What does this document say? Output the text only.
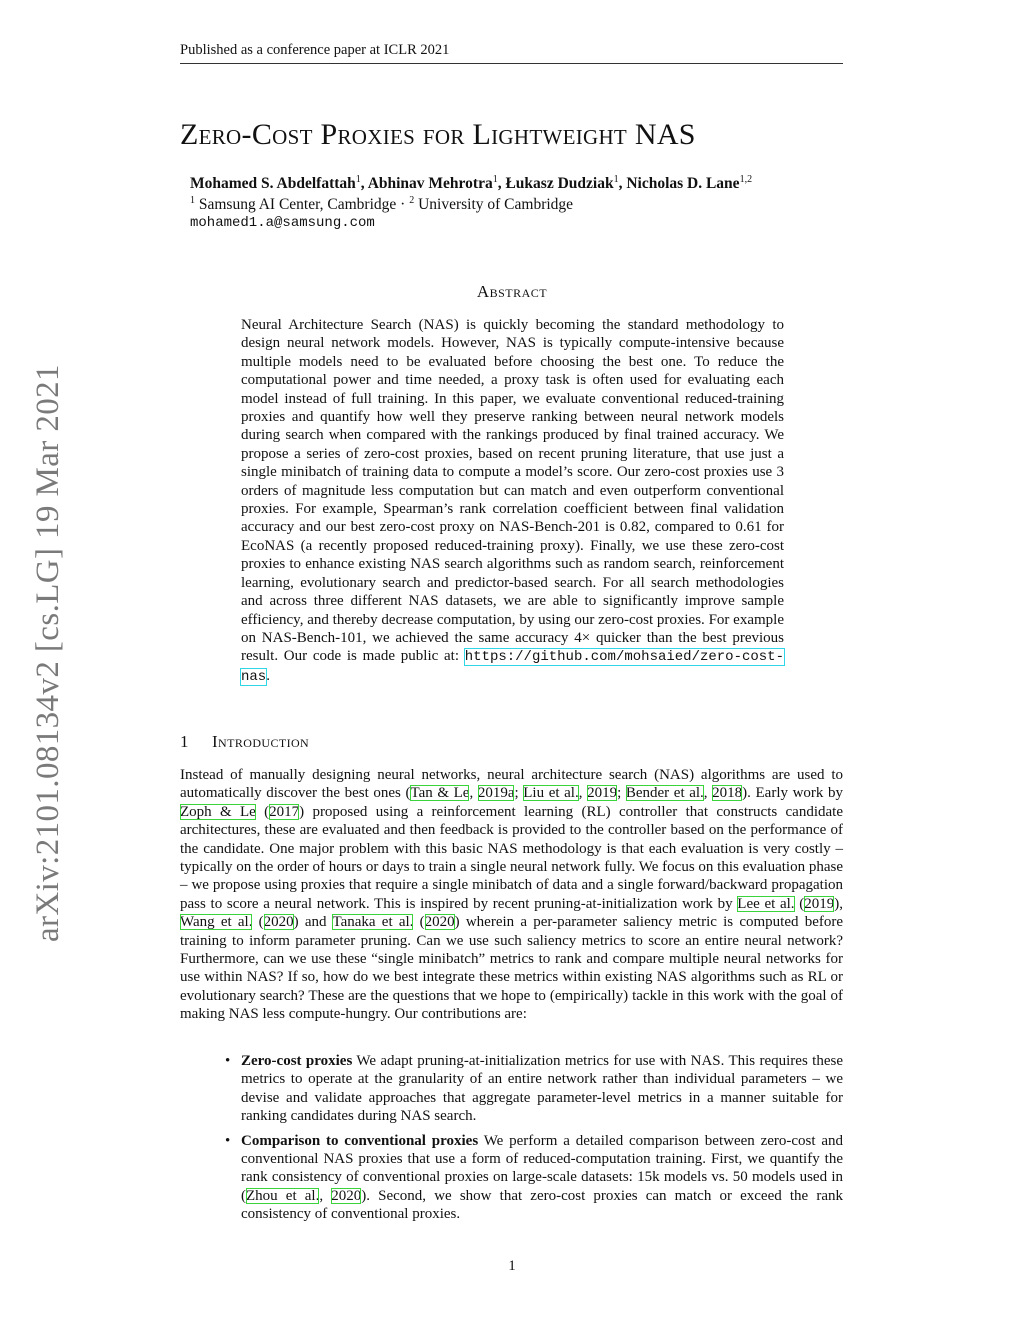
Published as a conference paper at ICLR 2021
arXiv:2101.08134v2 [cs.LG] 19 Mar 2021
Zero-Cost Proxies for Lightweight NAS
Mohamed S. Abdelfattah$^1$, Abhinav Mehrotra$^1$, Łukasz Dudziak$^1$, Nicholas D. Lane$^{1,2}$
$^1$ Samsung AI Center, Cambridge · $^2$ University of Cambridge
mohamed1.a@samsung.com
Abstract
Neural Architecture Search (NAS) is quickly becoming the standard methodology to design neural network models. However, NAS is typically compute-intensive because multiple models need to be evaluated before choosing the best one. To reduce the computational power and time needed, a proxy task is often used for evaluating each model instead of full training. In this paper, we evaluate conventional reduced-training proxies and quantify how well they preserve ranking between neural network models during search when compared with the rankings produced by final trained accuracy. We propose a series of zero-cost proxies, based on recent pruning literature, that use just a single minibatch of training data to compute a model’s score. Our zero-cost proxies use 3 orders of magnitude less computation but can match and even outperform conventional proxies. For example, Spearman’s rank correlation coefficient between final validation accuracy and our best zero-cost proxy on NAS-Bench-201 is 0.82, compared to 0.61 for EcoNAS (a recently proposed reduced-training proxy). Finally, we use these zero-cost proxies to enhance existing NAS search algorithms such as random search, reinforcement learning, evolutionary search and predictor-based search. For all search methodologies and across three different NAS datasets, we are able to significantly improve sample efficiency, and thereby decrease computation, by using our zero-cost proxies. For example on NAS-Bench-101, we achieved the same accuracy 4× quicker than the best previous result. Our code is made public at: https://github.com/mohsaied/zero-cost-nas.
1 Introduction

Instead of manually designing neural networks, neural architecture search (NAS) algorithms are used to automatically discover the best ones (Tan & Le, 2019a; Liu et al., 2019; Bender et al., 2018). Early work by Zoph & Le (2017) proposed using a reinforcement learning (RL) controller that constructs candidate architectures, these are evaluated and then feedback is provided to the controller based on the performance of the candidate. One major problem with this basic NAS methodology is that each evaluation is very costly – typically on the order of hours or days to train a single neural network fully. We focus on this evaluation phase – we propose using proxies that require a single minibatch of data and a single forward/backward propagation pass to score a neural network. This is inspired by recent pruning-at-initialization work by Lee et al. (2019), Wang et al. (2020) and Tanaka et al. (2020) wherein a per-parameter saliency metric is computed before training to inform parameter pruning. Can we use such saliency metrics to score an entire neural network? Furthermore, can we use these “single minibatch” metrics to rank and compare multiple neural networks for use within NAS? If so, how do we best integrate these metrics within existing NAS algorithms such as RL or evolutionary search? These are the questions that we hope to (empirically) tackle in this work with the goal of making NAS less compute-hungry. Our contributions are:

• Zero-cost proxies We adapt pruning-at-initialization metrics for use with NAS. This requires these metrics to operate at the granularity of an entire network rather than individual parameters – we devise and validate approaches that aggregate parameter-level metrics in a manner suitable for ranking candidates during NAS search.
• Comparison to conventional proxies We perform a detailed comparison between zero-cost and conventional NAS proxies that use a form of reduced-computation training. First, we quantify the rank consistency of conventional proxies on large-scale datasets: 15k models vs. 50 models used in (Zhou et al., 2020). Second, we show that zero-cost proxies can match or exceed the rank consistency of conventional proxies.
1
